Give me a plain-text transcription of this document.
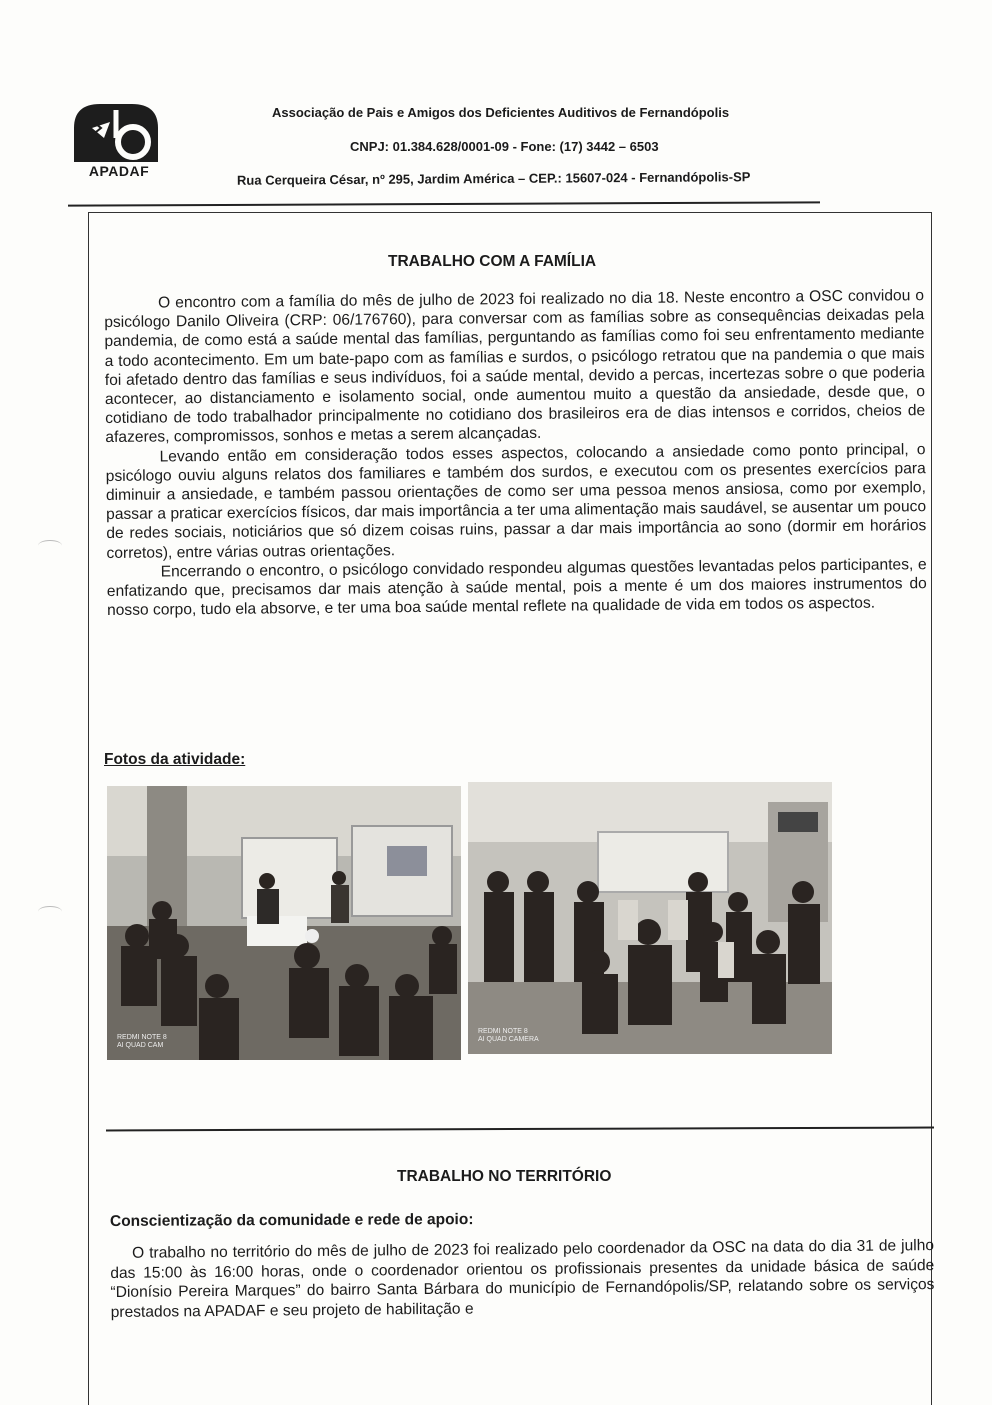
APADAF
Associação de Pais e Amigos dos Deficientes Auditivos de Fernandópolis
CNPJ: 01.384.628/0001-09 - Fone: (17) 3442 – 6503
Rua Cerqueira César, nº 295, Jardim América – CEP.: 15607-024 - Fernandópolis-SP
TRABALHO COM A FAMÍLIA

O encontro com a família do mês de julho de 2023 foi realizado no dia 18. Neste encontro a OSC convidou o psicólogo Danilo Oliveira (CRP: 06/176760), para conversar com as famílias sobre as consequências deixadas pela pandemia, de como está a saúde mental das famílias, perguntando as famílias como foi seu enfrentamento mediante a todo acontecimento. Em um bate-papo com as famílias e surdos, o psicólogo retratou que na pandemia o que mais foi afetado dentro das famílias e seus indivíduos, foi a saúde mental, devido a percas, incertezas sobre o que poderia acontecer, ao distanciamento e isolamento social, onde aumentou muito a questão da ansiedade, desde que, o cotidiano de todo trabalhador principalmente no cotidiano dos brasileiros era de dias intensos e corridos, cheios de afazeres, compromissos, sonhos e metas a serem alcançadas.

Levando então em consideração todos esses aspectos, colocando a ansiedade como ponto principal, o psicólogo ouviu alguns relatos dos familiares e também dos surdos, e executou com os presentes exercícios para diminuir a ansiedade, e também passou orientações de como ser uma pessoa menos ansiosa, como por exemplo, passar a praticar exercícios físicos, dar mais importância a ter uma alimentação mais saudável, se ausentar um pouco de redes sociais, noticiários que só dizem coisas ruins, passar a dar mais importância ao sono (dormir em horários corretos), entre várias outras orientações.

Encerrando o encontro, o psicólogo convidado respondeu algumas questões levantadas pelos participantes, e enfatizando que, precisamos dar mais atenção à saúde mental, pois a mente é um dos maiores instrumentos do nosso corpo, tudo ela absorve, e ter uma boa saúde mental reflete na qualidade de vida em todos os aspectos.

Fotos da atividade:
REDMI NOTE 8
AI QUAD CAM
REDMI NOTE 8
AI QUAD CAMERA
TRABALHO NO TERRITÓRIO
Conscientização da comunidade e rede de apoio:

O trabalho no território do mês de julho de 2023 foi realizado pelo coordenador da OSC na data do dia 31 de julho das 15:00 às 16:00 horas, onde o coordenador orientou os profissionais presentes da unidade básica de saúde “Dionísio Pereira Marques” do bairro Santa Bárbara do município de Fernandópolis/SP, relatando sobre os serviços prestados na APADAF e seu projeto de habilitação e
